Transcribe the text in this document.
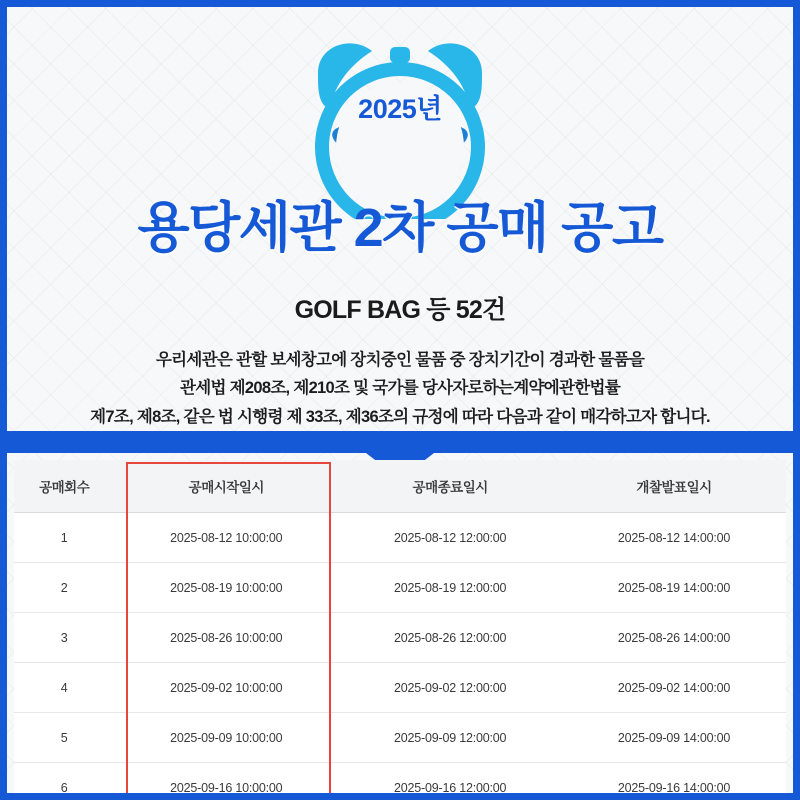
2025년
용당세관 2차 공매 공고
GOLF BAG 등 52건
우리세관은 관할 보세창고에 장치중인 물품 중 장치기간이 경과한 물품을
관세법 제208조, 제210조 및 국가를 당사자로하는계약에관한법률
제7조, 제8조, 같은 법 시행령 제 33조, 제36조의 규정에 따라 다음과 같이 매각하고자 합니다.
공매회수	공매시작일시	공매종료일시	개찰발표일시
1	2025-08-12 10:00:00	2025-08-12 12:00:00	2025-08-12 14:00:00
2	2025-08-19 10:00:00	2025-08-19 12:00:00	2025-08-19 14:00:00
3	2025-08-26 10:00:00	2025-08-26 12:00:00	2025-08-26 14:00:00
4	2025-09-02 10:00:00	2025-09-02 12:00:00	2025-09-02 14:00:00
5	2025-09-09 10:00:00	2025-09-09 12:00:00	2025-09-09 14:00:00
6	2025-09-16 10:00:00	2025-09-16 12:00:00	2025-09-16 14:00:00
